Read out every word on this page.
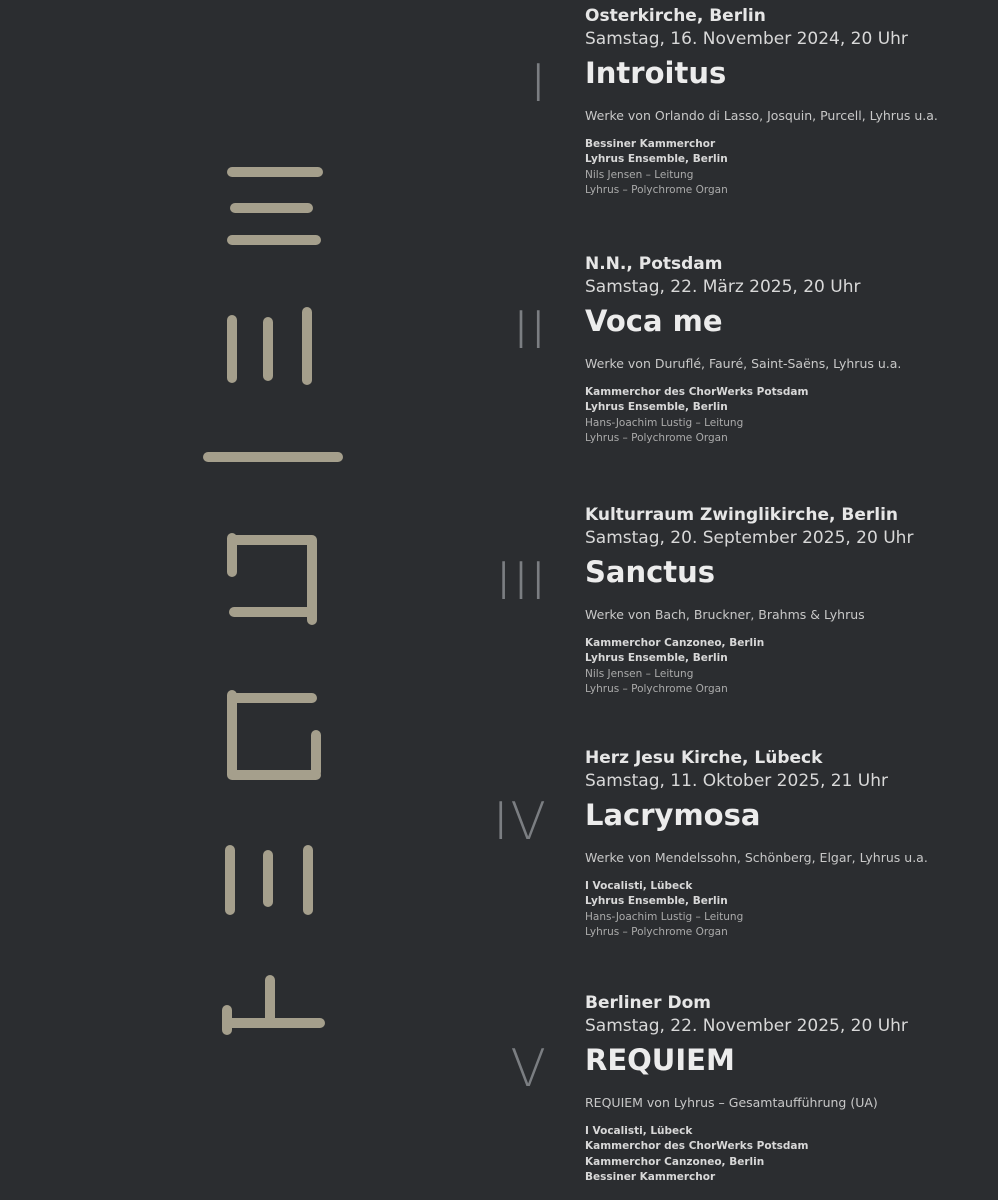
I
Osterkirche, Berlin
Samstag, 16. November 2024, 20 Uhr
Introitus
Werke von Orlando di Lasso, Josquin, Purcell, Lyhrus u.a.
Bessiner Kammerchor
Lyhrus Ensemble, Berlin
Nils Jensen – Leitung
Lyhrus – Polychrome Organ
II
N.N., Potsdam
Samstag, 22. März 2025, 20 Uhr
Voca me
Werke von Duruflé, Fauré, Saint-Saëns, Lyhrus u.a.
Kammerchor des ChorWerks Potsdam
Lyhrus Ensemble, Berlin
Hans-Joachim Lustig – Leitung
Lyhrus – Polychrome Organ
III
Kulturraum Zwinglikirche, Berlin
Samstag, 20. September 2025, 20 Uhr
Sanctus
Werke von Bach, Bruckner, Brahms & Lyhrus
Kammerchor Canzoneo, Berlin
Lyhrus Ensemble, Berlin
Nils Jensen – Leitung
Lyhrus – Polychrome Organ
IV
Herz Jesu Kirche, Lübeck
Samstag, 11. Oktober 2025, 21 Uhr
Lacrymosa
Werke von Mendelssohn, Schönberg, Elgar, Lyhrus u.a.
I Vocalisti, Lübeck
Lyhrus Ensemble, Berlin
Hans-Joachim Lustig – Leitung
Lyhrus – Polychrome Organ
V
Berliner Dom
Samstag, 22. November 2025, 20 Uhr
REQUIEM
REQUIEM von Lyhrus – Gesamtaufführung (UA)
I Vocalisti, Lübeck
Kammerchor des ChorWerks Potsdam
Kammerchor Canzoneo, Berlin
Bessiner Kammerchor
